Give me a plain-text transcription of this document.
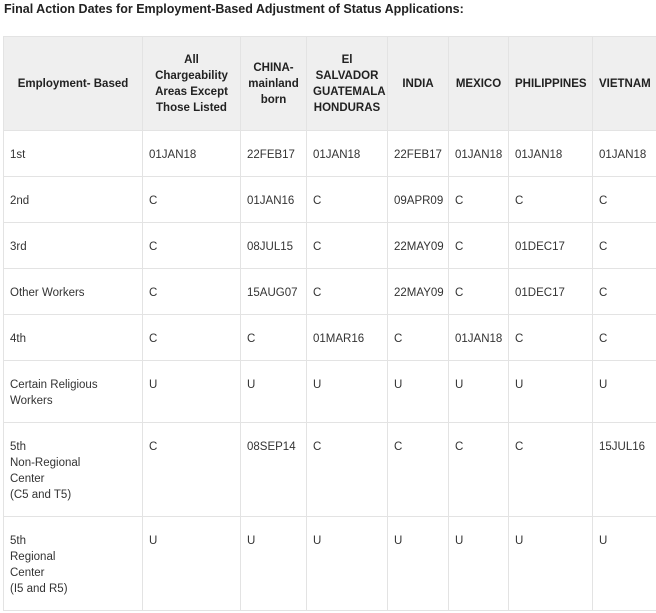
Final Action Dates for Employment-Based Adjustment of Status Applications:
Employment- Based	All
Chargeability
Areas Except
Those Listed	CHINA-
mainland
born	El
SALVADOR
GUATEMALA
HONDURAS	INDIA	MEXICO	PHILIPPINES	VIETNAM

1st	01JAN18	22FEB17	01JAN18	22FEB17	01JAN18	01JAN18	01JAN18

2nd	C	01JAN16	C	09APR09	C	C	C

3rd	C	08JUL15	C	22MAY09	C	01DEC17	C

Other Workers	C	15AUG07	C	22MAY09	C	01DEC17	C

4th	C	C	01MAR16	C	01JAN18	C	C

Certain Religious
Workers	U	U	U	U	U	U	U

5th
Non-Regional
Center
(C5 and T5)	C	08SEP14	C	C	C	C	15JUL16

5th
Regional
Center
(I5 and R5)	U	U	U	U	U	U	U
